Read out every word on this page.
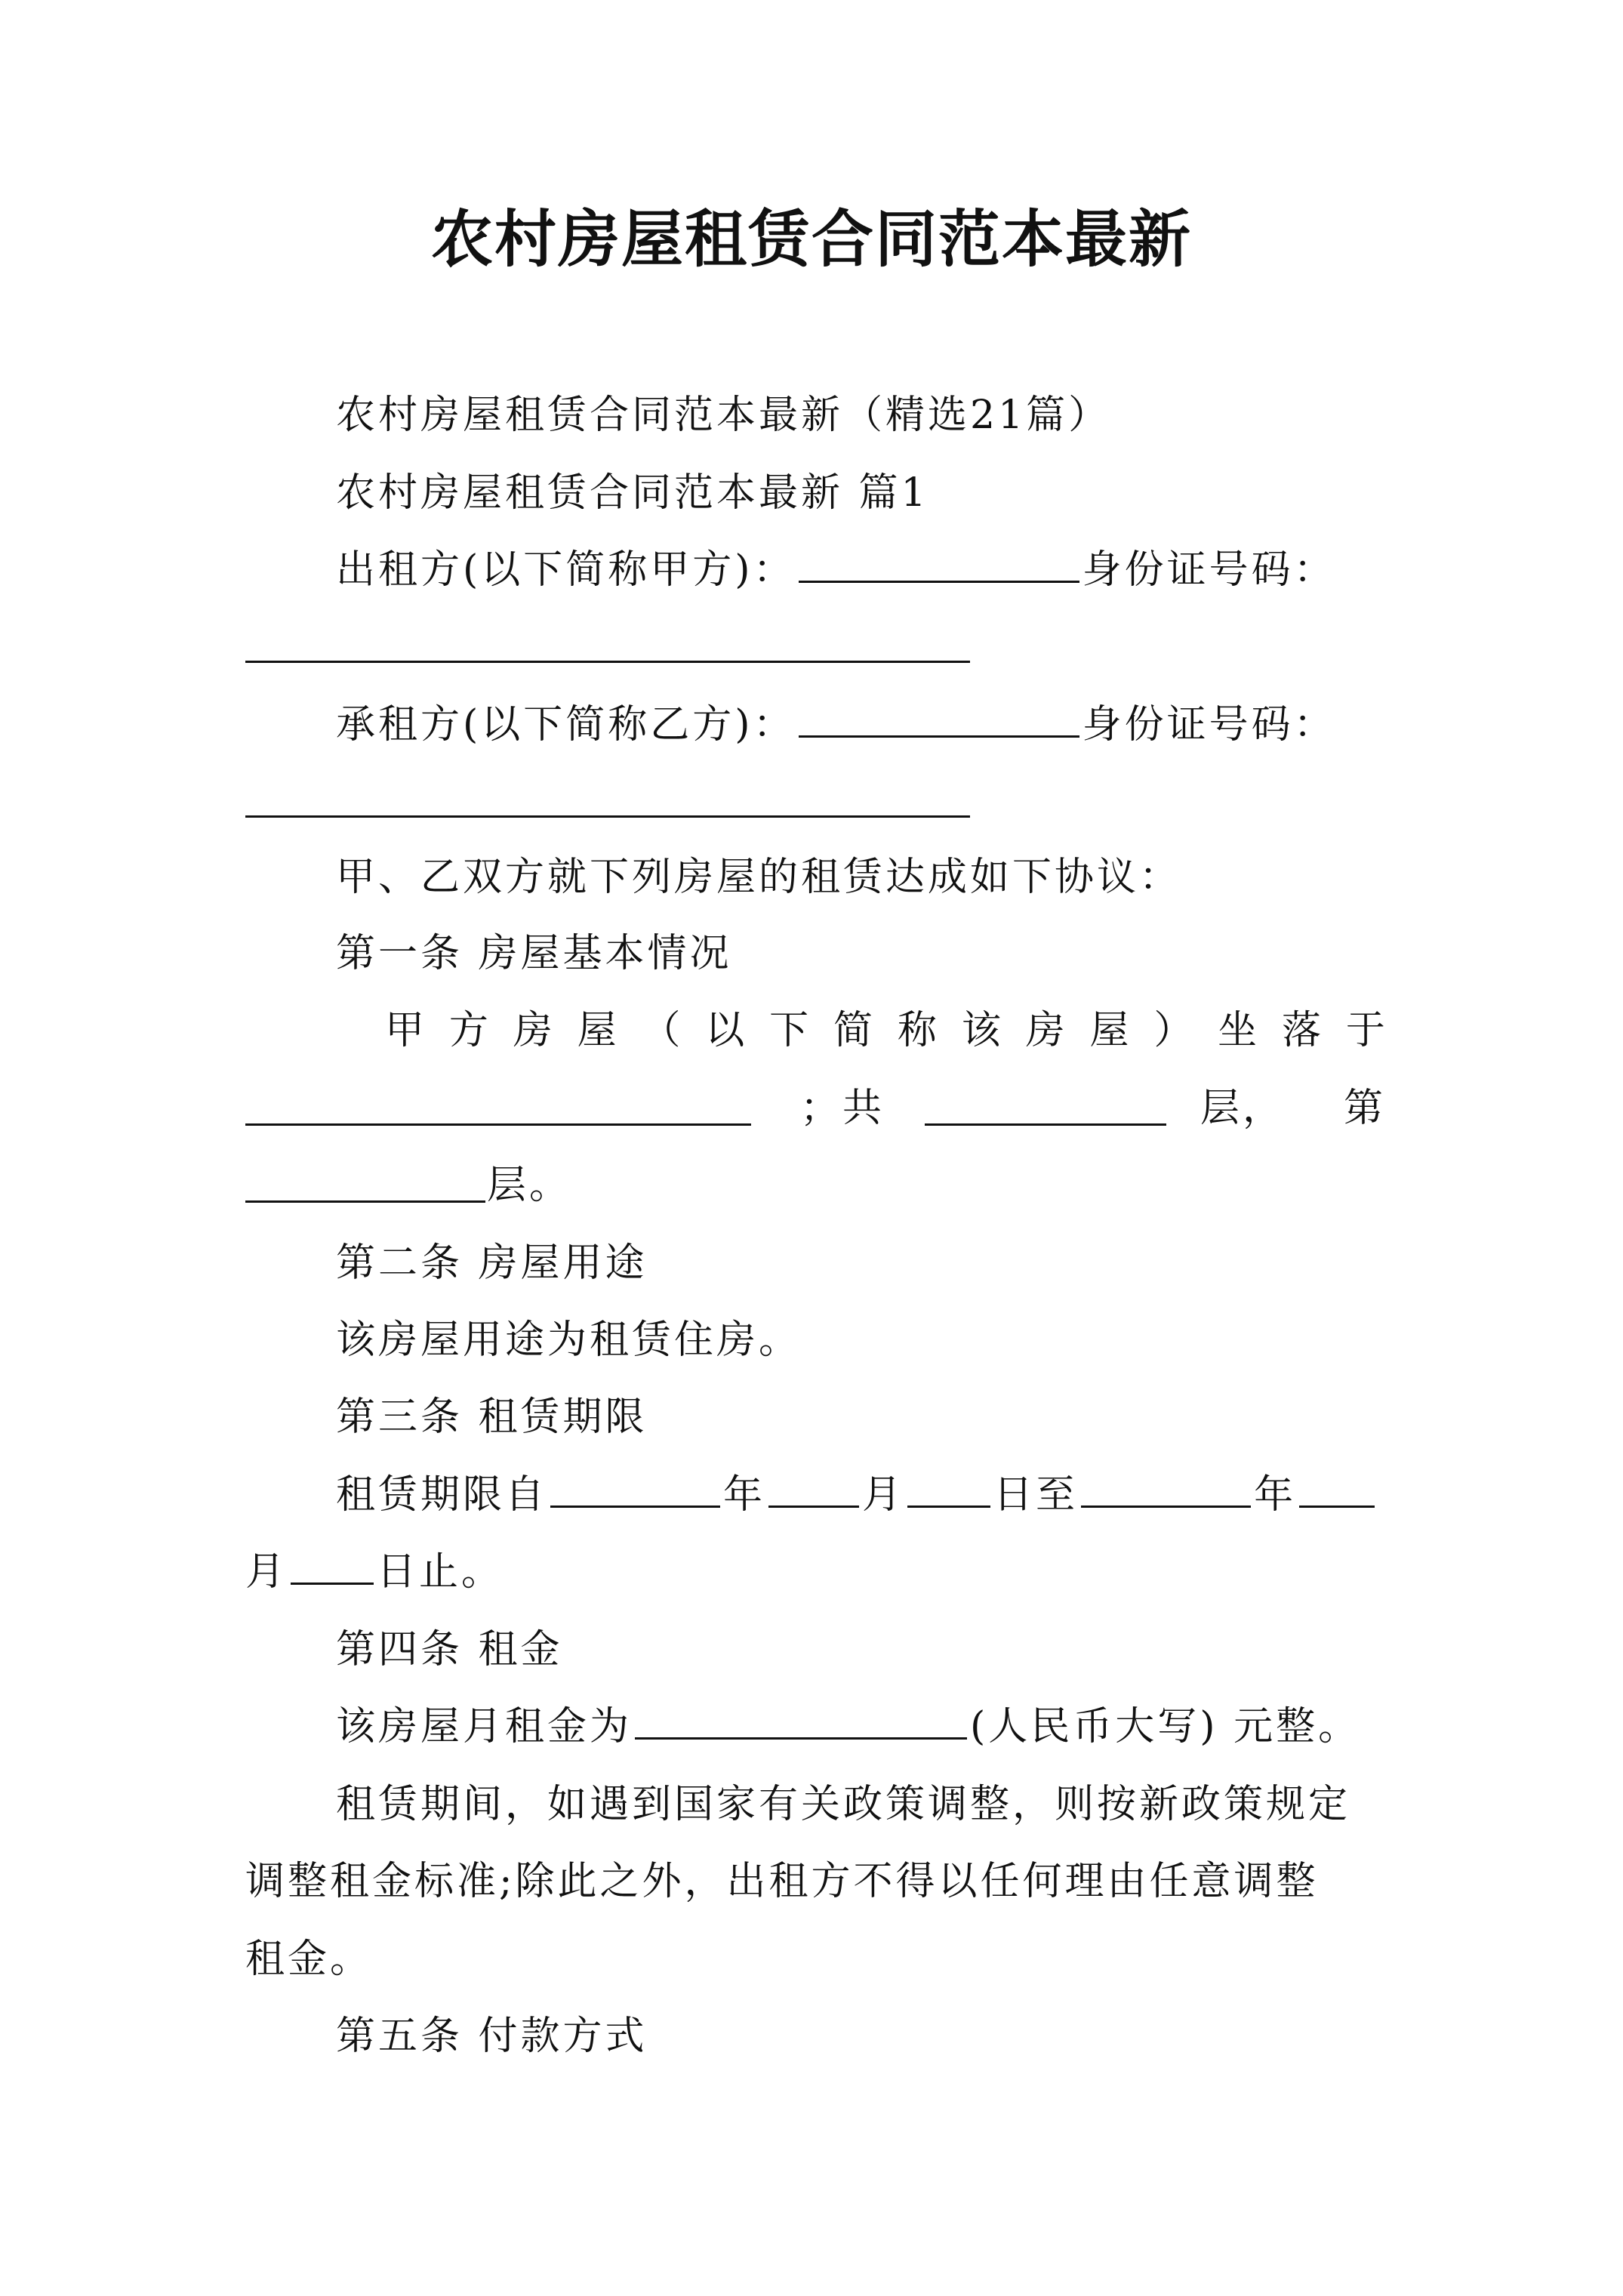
农村房屋租赁合同范本最新
农村房屋租赁合同范本最新（精选21篇）
农村房屋租赁合同范本最新 篇1
出租方(以下简称甲方)：	身份证号码：
承租方(以下简称乙方)：	身份证号码：
甲、乙双方就下列房屋的租赁达成如下协议：
第一条 房屋基本情况
甲 方 房 屋 （ 以 下 简 称 该 房 屋 ） 坐 落 于
；共	层， 第
层。
第二条 房屋用途
该房屋用途为租赁住房。
第三条 租赁期限
租赁期限自	年 月 日至	年
月 日止。
第四条 租金
该房屋月租金为	(人民币大写) 元整。
租赁期间，如遇到国家有关政策调整，则按新政策规定
调整租金标准;除此之外，出租方不得以任何理由任意调整
租金。
第五条 付款方式
